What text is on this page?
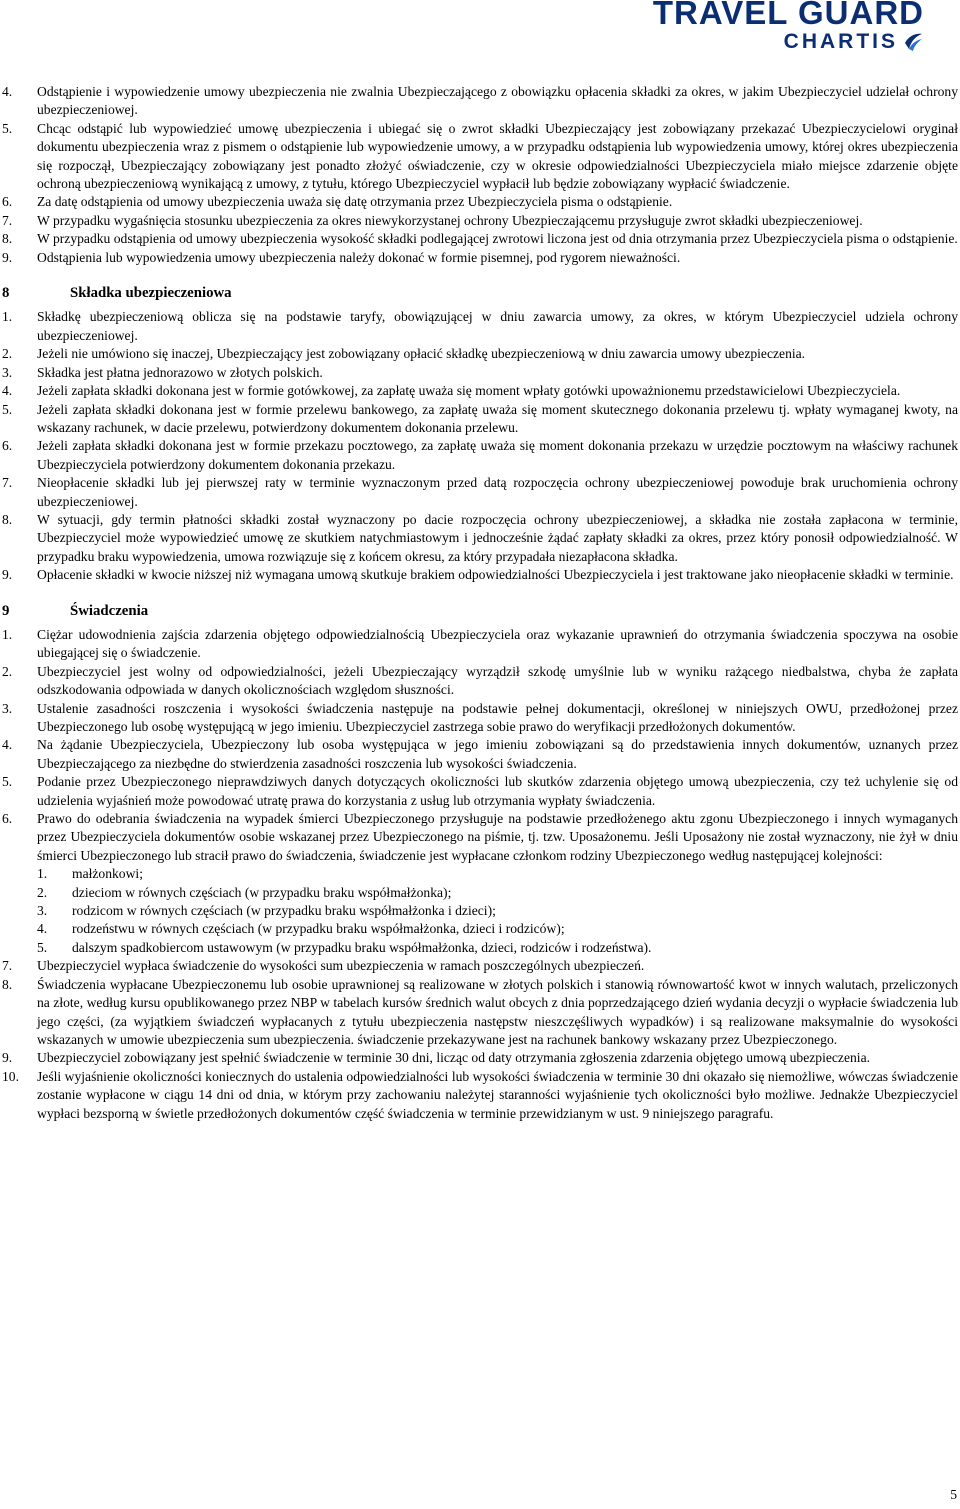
TRAVEL GUARD
CHARTIS
4.	Odstąpienie i wypowiedzenie umowy ubezpieczenia nie zwalnia Ubezpieczającego z obowiązku opłacenia składki za okres, w jakim Ubezpieczyciel udzielał ochrony ubezpieczeniowej.
5.	Chcąc odstąpić lub wypowiedzieć umowę ubezpieczenia i ubiegać się o zwrot składki Ubezpieczający jest zobowiązany przekazać Ubezpieczycielowi oryginał dokumentu ubezpieczenia wraz z pismem o odstąpienie lub wypowiedzenie umowy, a w przypadku odstąpienia lub wypowiedzenia umowy, której okres ubezpieczenia się rozpoczął, Ubezpieczający zobowiązany jest ponadto złożyć oświadczenie, czy w okresie odpowiedzialności Ubezpieczyciela miało miejsce zdarzenie objęte ochroną ubezpieczeniową wynikającą z umowy, z tytułu, którego Ubezpieczyciel wypłacił lub będzie zobowiązany wypłacić świadczenie.
6.	Za datę odstąpienia od umowy ubezpieczenia uważa się datę otrzymania przez Ubezpieczyciela pisma o odstąpienie.
7.	W przypadku wygaśnięcia stosunku ubezpieczenia za okres niewykorzystanej ochrony Ubezpieczającemu przysługuje zwrot składki ubezpieczeniowej.
8.	W przypadku odstąpienia od umowy ubezpieczenia wysokość składki podlegającej zwrotowi liczona jest od dnia otrzymania przez Ubezpieczyciela pisma o odstąpienie.
9.	Odstąpienia lub wypowiedzenia umowy ubezpieczenia należy dokonać w formie pisemnej, pod rygorem nieważności.
8	Składka ubezpieczeniowa
1.	Składkę ubezpieczeniową oblicza się na podstawie taryfy, obowiązującej w dniu zawarcia umowy, za okres, w którym Ubezpieczyciel udziela ochrony ubezpieczeniowej.
2.	Jeżeli nie umówiono się inaczej, Ubezpieczający jest zobowiązany opłacić składkę ubezpieczeniową w dniu zawarcia umowy ubezpieczenia.
3.	Składka jest płatna jednorazowo w złotych polskich.
4.	Jeżeli zapłata składki dokonana jest w formie gotówkowej, za zapłatę uważa się moment wpłaty gotówki upoważnionemu przedstawicielowi Ubezpieczyciela.
5.	Jeżeli zapłata składki dokonana jest w formie przelewu bankowego, za zapłatę uważa się moment skutecznego dokonania przelewu tj. wpłaty wymaganej kwoty, na wskazany rachunek, w dacie przelewu, potwierdzony dokumentem dokonania przelewu.
6.	Jeżeli zapłata składki dokonana jest w formie przekazu pocztowego, za zapłatę uważa się moment dokonania przekazu w urzędzie pocztowym na właściwy rachunek Ubezpieczyciela potwierdzony dokumentem dokonania przekazu.
7.	Nieopłacenie składki lub jej pierwszej raty w terminie wyznaczonym przed datą rozpoczęcia ochrony ubezpieczeniowej powoduje brak uruchomienia ochrony ubezpieczeniowej.
8.	W sytuacji, gdy termin płatności składki został wyznaczony po dacie rozpoczęcia ochrony ubezpieczeniowej, a składka nie została zapłacona w terminie, Ubezpieczyciel może wypowiedzieć umowę ze skutkiem natychmiastowym i jednocześnie żądać zapłaty składki za okres, przez który ponosił odpowiedzialność. W przypadku braku wypowiedzenia, umowa rozwiązuje się z końcem okresu, za który przypadała niezapłacona składka.
9.	Opłacenie składki w kwocie niższej niż wymagana umową skutkuje brakiem odpowiedzialności Ubezpieczyciela i jest traktowane jako nieopłacenie składki w terminie.
9	Świadczenia
1.	Ciężar udowodnienia zajścia zdarzenia objętego odpowiedzialnością Ubezpieczyciela oraz wykazanie uprawnień do otrzymania świadczenia spoczywa na osobie ubiegającej się o świadczenie.
2.	Ubezpieczyciel jest wolny od odpowiedzialności, jeżeli Ubezpieczający wyrządził szkodę umyślnie lub w wyniku rażącego niedbalstwa, chyba że zapłata odszkodowania odpowiada w danych okolicznościach względom słuszności.
3.	Ustalenie zasadności roszczenia i wysokości świadczenia następuje na podstawie pełnej dokumentacji, określonej w niniejszych OWU, przedłożonej przez Ubezpieczonego lub osobę występującą w jego imieniu. Ubezpieczyciel zastrzega sobie prawo do weryfikacji przedłożonych dokumentów.
4.	Na żądanie Ubezpieczyciela, Ubezpieczony lub osoba występująca w jego imieniu zobowiązani są do przedstawienia innych dokumentów, uznanych przez Ubezpieczającego za niezbędne do stwierdzenia zasadności roszczenia lub wysokości świadczenia.
5.	Podanie przez Ubezpieczonego nieprawdziwych danych dotyczących okoliczności lub skutków zdarzenia objętego umową ubezpieczenia, czy też uchylenie się od udzielenia wyjaśnień może powodować utratę prawa do korzystania z usług lub otrzymania wypłaty świadczenia.
6.	Prawo do odebrania świadczenia na wypadek śmierci Ubezpieczonego przysługuje na podstawie przedłożenego aktu zgonu Ubezpieczonego i innych wymaganych przez Ubezpieczyciela dokumentów osobie wskazanej przez Ubezpieczonego na piśmie, tj. tzw. Uposażonemu. Jeśli Uposażony nie został wyznaczony, nie żył w dniu śmierci Ubezpieczonego lub stracił prawo do świadczenia, świadczenie jest wypłacane członkom rodziny Ubezpieczonego według następującej kolejności:
1.	małżonkowi;
2.	dzieciom w równych częściach (w przypadku braku współmałżonka);
3.	rodzicom w równych częściach (w przypadku braku współmałżonka i dzieci);
4.	rodzeństwu w równych częściach (w przypadku braku współmałżonka, dzieci i rodziców);
5.	dalszym spadkobiercom ustawowym (w przypadku braku współmałżonka, dzieci, rodziców i rodzeństwa).
7.	Ubezpieczyciel wypłaca świadczenie do wysokości sum ubezpieczenia w ramach poszczególnych ubezpieczeń.
8.	Świadczenia wypłacane Ubezpieczonemu lub osobie uprawnionej są realizowane w złotych polskich i stanowią równowartość kwot w innych walutach, przeliczonych na złote, według kursu opublikowanego przez NBP w tabelach kursów średnich walut obcych z dnia poprzedzającego dzień wydania decyzji o wypłacie świadczenia lub jego części, (za wyjątkiem świadczeń wypłacanych z tytułu ubezpieczenia następstw nieszczęśliwych wypadków) i są realizowane maksymalnie do wysokości wskazanych w umowie ubezpieczenia sum ubezpieczenia. świadczenie przekazywane jest na rachunek bankowy wskazany przez Ubezpieczonego.
9.	Ubezpieczyciel zobowiązany jest spełnić świadczenie w terminie 30 dni, licząc od daty otrzymania zgłoszenia zdarzenia objętego umową ubezpieczenia.
10.	Jeśli wyjaśnienie okoliczności koniecznych do ustalenia odpowiedzialności lub wysokości świadczenia w terminie 30 dni okazało się niemożliwe, wówczas świadczenie zostanie wypłacone w ciągu 14 dni od dnia, w którym przy zachowaniu należytej staranności wyjaśnienie tych okoliczności było możliwe. Jednakże Ubezpieczyciel wypłaci bezsporną w świetle przedłożonych dokumentów część świadczenia w terminie przewidzianym w ust. 9 niniejszego paragrafu.
5
